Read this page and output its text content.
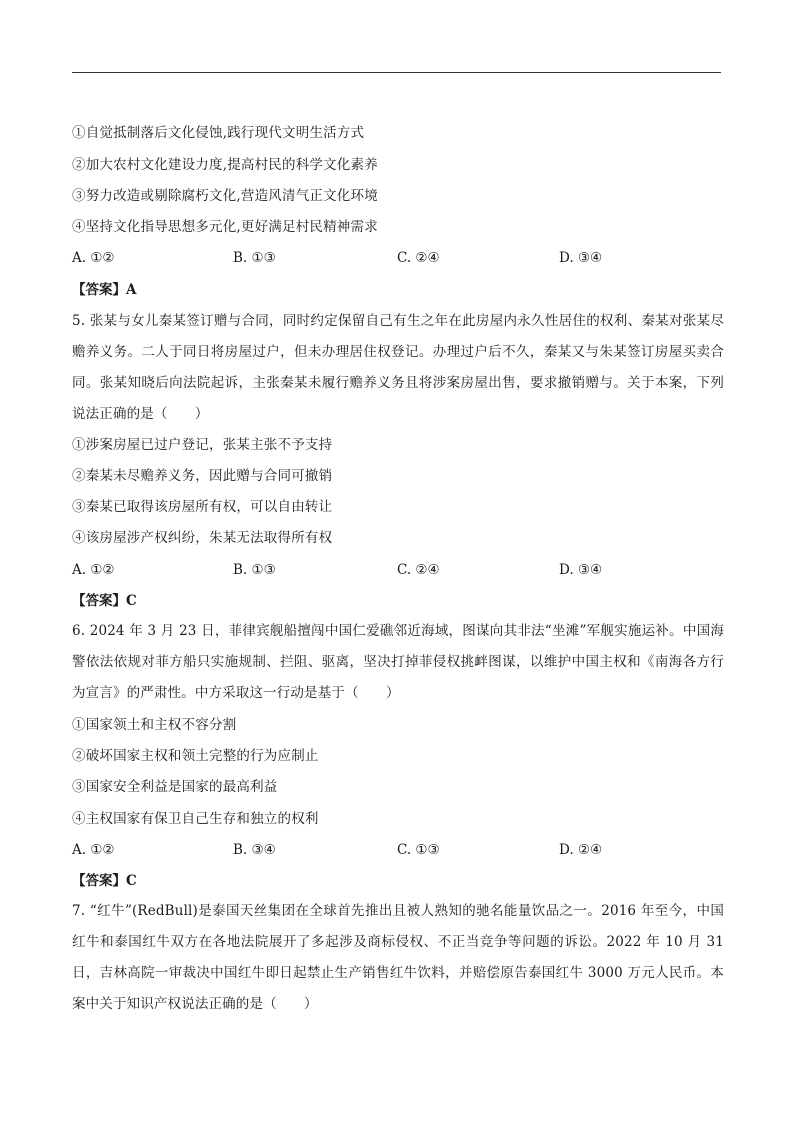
①自觉抵制落后文化侵蚀,践行现代文明生活方式
②加大农村文化建设力度,提高村民的科学文化素养
③努力改造或剔除腐朽文化,营造风清气正文化环境
④坚持文化指导思想多元化,更好满足村民精神需求
A. ①②	B. ①③	C. ②④	D. ③④
【答案】A
5. 张某与女儿秦某签订赠与合同，同时约定保留自己有生之年在此房屋内永久性居住的权利、秦某对张某尽赡养义务。二人于同日将房屋过户，但未办理居住权登记。办理过户后不久，秦某又与朱某签订房屋买卖合同。张某知晓后向法院起诉，主张秦某未履行赡养义务且将涉案房屋出售，要求撤销赠与。关于本案，下列说法正确的是（　　）
①涉案房屋已过户登记，张某主张不予支持
②秦某未尽赡养义务，因此赠与合同可撤销
③秦某已取得该房屋所有权，可以自由转让
④该房屋涉产权纠纷，朱某无法取得所有权
A. ①②	B. ①③	C. ②④	D. ③④
【答案】C
6. 2024 年 3 月 23 日，菲律宾舰船擅闯中国仁爱礁邻近海域，图谋向其非法“坐滩”军舰实施运补。中国海警依法依规对菲方船只实施规制、拦阻、驱离，坚决打掉菲侵权挑衅图谋，以维护中国主权和《南海各方行为宣言》的严肃性。中方采取这一行动是基于（　　）
①国家领土和主权不容分割
②破坏国家主权和领土完整的行为应制止
③国家安全利益是国家的最高利益
④主权国家有保卫自己生存和独立的权利
A. ①②	B. ③④	C. ①③	D. ②④
【答案】C
7. “红牛”(RedBull)是泰国天丝集团在全球首先推出且被人熟知的驰名能量饮品之一。2016 年至今，中国红牛和泰国红牛双方在各地法院展开了多起涉及商标侵权、不正当竞争等问题的诉讼。2022 年 10 月 31 日，吉林高院一审裁决中国红牛即日起禁止生产销售红牛饮料，并赔偿原告泰国红牛 3000 万元人民币。本案中关于知识产权说法正确的是（　　）
